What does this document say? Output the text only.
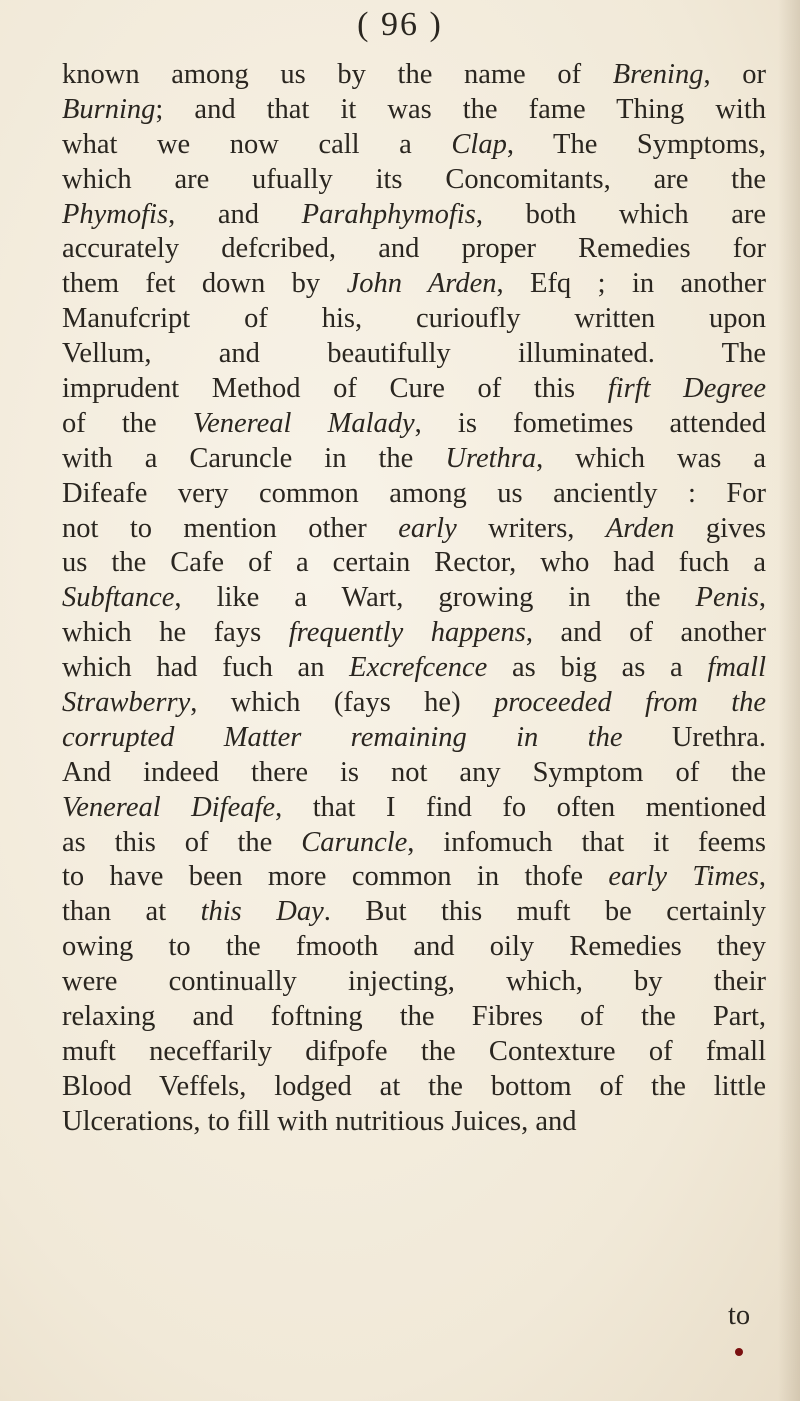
( 96 )
known among us by the name of Brening, or
Burning; and that it was the fame Thing with
what we now call a Clap, The Symptoms,
which are ufually its Concomitants, are the
Phymofis, and Parahphymofis, both which are
accurately defcribed, and proper Remedies for
them fet down by John Arden, Efq ; in another
Manufcript of his, curioufly written upon
Vellum, and beautifully illuminated. The
imprudent Method of Cure of this firft Degree
of the Venereal Malady, is fometimes attended
with a Caruncle in the Urethra, which was a
Difeafe very common among us anciently : For
not to mention other early writers, Arden gives
us the Cafe of a certain Rector, who had fuch a
Subftance, like a Wart, growing in the Penis,
which he fays frequently happens, and of another
which had fuch an Excrefcence as big as a fmall
Strawberry, which (fays he) proceeded from the
corrupted Matter remaining in the Urethra.
And indeed there is not any Symptom of the
Venereal Difeafe, that I find fo often mentioned
as this of the Caruncle, infomuch that it feems
to have been more common in thofe early Times,
than at this Day. But this muft be certainly
owing to the fmooth and oily Remedies they
were continually injecting, which, by their
relaxing and foftning the Fibres of the Part,
muft neceffarily difpofe the Contexture of fmall
Blood Veffels, lodged at the bottom of the little
Ulcerations, to fill with nutritious Juices, and
to
